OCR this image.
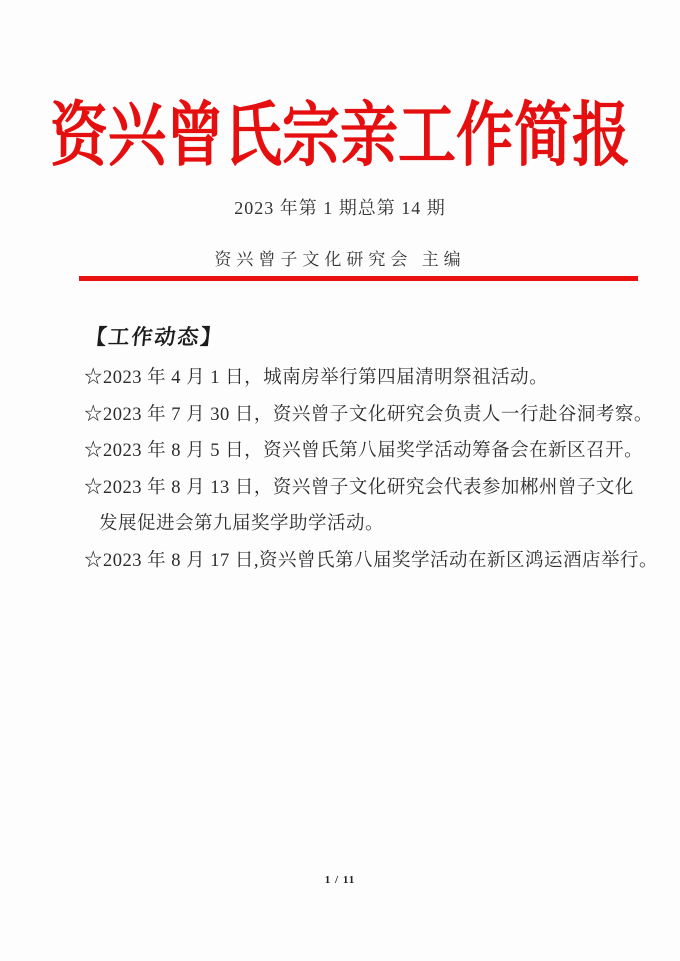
资兴曾氏宗亲工作简报
2023 年第 1 期总第 14 期
资兴曾子文化研究会 主编
【工作动态】

☆2023 年 4 月 1 日，城南房举行第四届清明祭祖活动。

☆2023 年 7 月 30 日，资兴曾子文化研究会负责人一行赴谷洞考察。

☆2023 年 8 月 5 日，资兴曾氏第八届奖学活动筹备会在新区召开。

☆2023 年 8 月 13 日，资兴曾子文化研究会代表参加郴州曾子文化

发展促进会第九届奖学助学活动。

☆2023 年 8 月 17 日,资兴曾氏第八届奖学活动在新区鸿运酒店举行。

1 / 11
